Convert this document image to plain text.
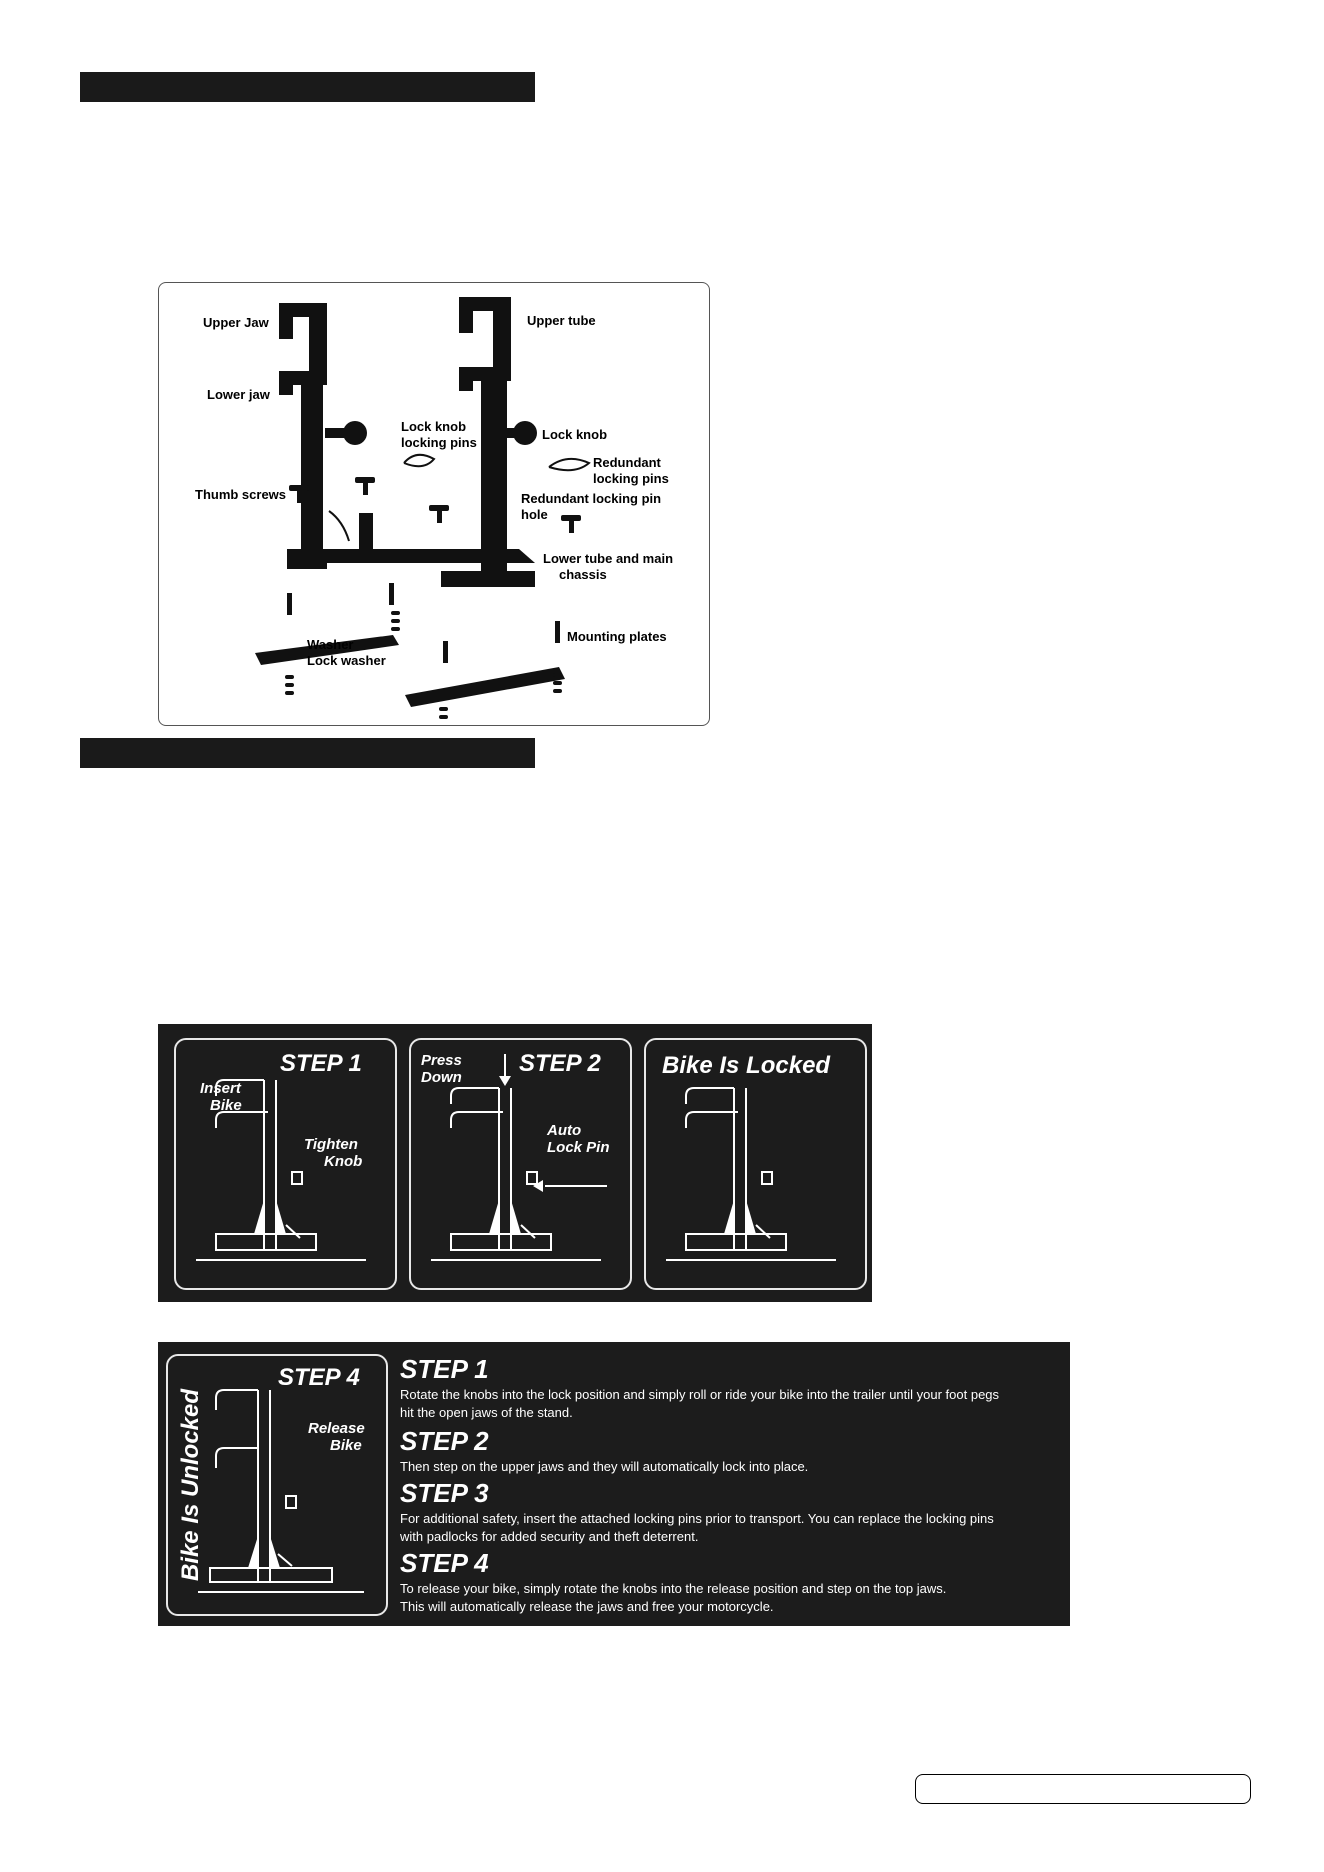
Upper Jaw
Lower jaw
Thumb screws
Lock knob
locking pins
Upper tube
Lock knob
Redundant
locking pins
Redundant locking pin
hole
Lower tube and main
chassis
Washer
Lock washer
Mounting plates
STEP 1
Insert
Bike
Tighten
Knob
STEP 2
Press
Down
Auto
Lock Pin
Bike Is Locked
Bike Is Unlocked
STEP 4
Release
Bike
STEP 1
Rotate the knobs into the lock position and simply roll or ride your bike into the trailer until your foot pegs
hit the open jaws of the stand.
STEP 2
Then step on the upper jaws and they will automatically lock into place.
STEP 3
For additional safety, insert the attached locking pins prior to transport. You can replace the locking pins
with padlocks for added security and theft deterrent.
STEP 4
To release your bike, simply rotate the knobs into the release position and step on the top jaws.
This will automatically release the jaws and free your motorcycle.
